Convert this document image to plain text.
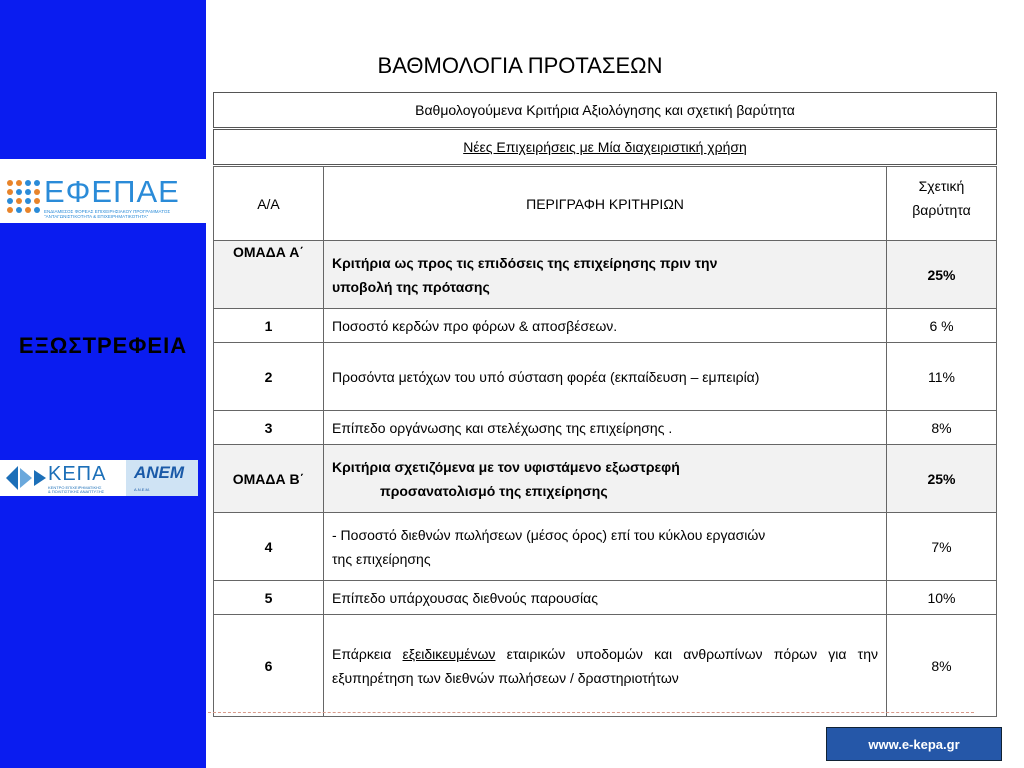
ΕΦΕΠΑΕ
ΕΝΔΙΑΜΕΣΟΣ ΦΟΡΕΑΣ ΕΠΙΧΕΙΡΗΣΙΑΚΟΥ ΠΡΟΓΡΑΜΜΑΤΟΣ
"ΑΝΤΑΓΩΝΙΣΤΙΚΟΤΗΤΑ & ΕΠΙΧΕΙΡΗΜΑΤΙΚΟΤΗΤΑ"
ΕΞΩΣΤΡΕΦΕΙΑ
ΚΕΠΑ
ΚΕΝΤΡΟ ΕΠΙΧΕΙΡΗΜΑΤΙΚΗΣ
& ΠΟΛΙΤΙΣΤΙΚΗΣ ΑΝΑΠΤΥΞΗΣ
ΑΝΕΜ
Α.Ν.Ε.Μ.
ΒΑΘΜΟΛΟΓΙΑ ΠΡΟΤΑΣΕΩΝ
Βαθμολογούμενα Κριτήρια Αξιολόγησης και σχετική βαρύτητα
Νέες Επιχειρήσεις με Μία διαχειριστική χρήση
Α/Α	ΠΕΡΙΓΡΑΦΗ ΚΡΙΤΗΡΙΩΝ	Σχετική
βαρύτητα

ΟΜΑΔΑ Α΄	Κριτήρια ως προς τις επιδόσεις της επιχείρησης πριν την
υποβολή της πρότασης	25%
1	Ποσοστό κερδών προ φόρων & αποσβέσεων.	6 %
2	Προσόντα μετόχων του υπό σύσταση φορέα (εκπαίδευση – εμπειρία)	11%
3	Επίπεδο οργάνωσης και στελέχωσης της επιχείρησης .	8%
ΟΜΑΔΑ Β΄	Κριτήρια σχετιζόμενα με τον υφιστάμενο εξωστρεφή
προσανατολισμό της επιχείρησης	25%
4	- Ποσοστό διεθνών πωλήσεων (μέσος όρος) επί του κύκλου εργασιών
της επιχείρησης	7%
5	Επίπεδο υπάρχουσας διεθνούς παρουσίας	10%
6	Επάρκεια εξειδικευμένων εταιρικών υποδομών και ανθρωπίνων πόρων για την εξυπηρέτηση των διεθνών πωλήσεων / δραστηριοτήτων	8%
www.e-kepa.gr
